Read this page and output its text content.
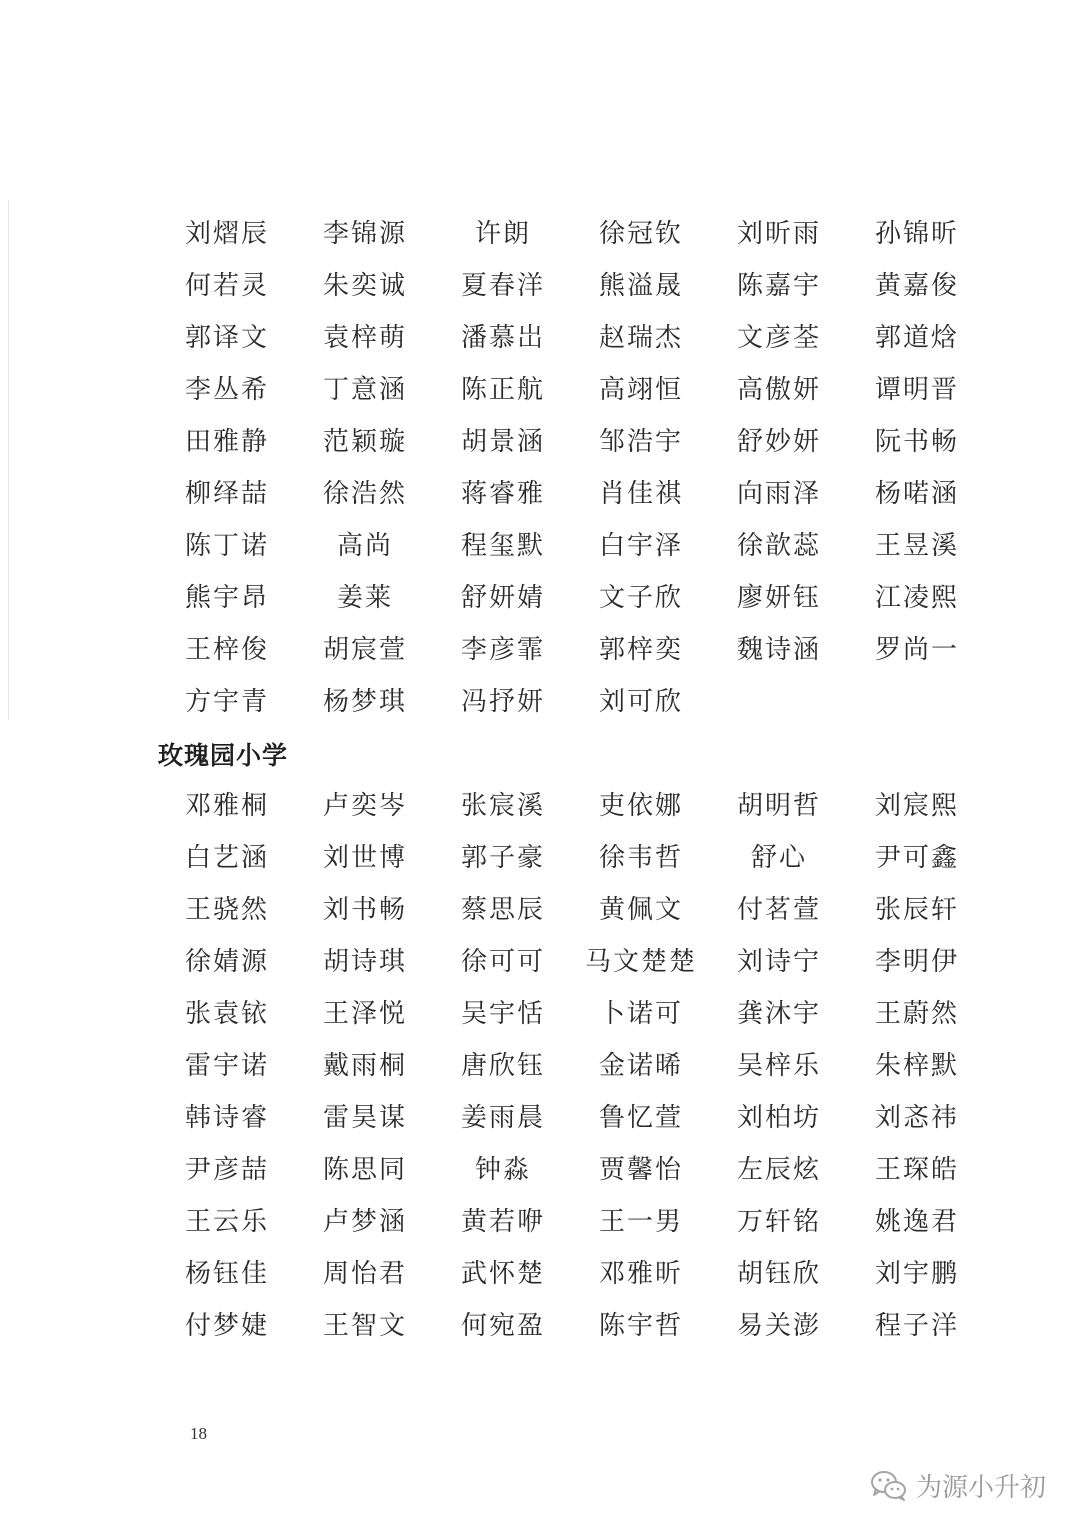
刘熠辰	李锦源	许朗	徐冠钦	刘昕雨	孙锦昕
何若灵	朱奕诚	夏春洋	熊溢晟	陈嘉宇	黄嘉俊
郭译文	袁梓萌	潘慕岀	赵瑞杰	文彦荃	郭道焓
李丛希	丁意涵	陈正航	高翊恒	高傲妍	谭明晋
田雅静	范颖璇	胡景涵	邹浩宇	舒妙妍	阮书畅
柳绎喆	徐浩然	蒋睿雅	肖佳祺	向雨泽	杨喏涵
陈丁诺	高尚	程玺默	白宇泽	徐歆蕊	王昱溪
熊宇昂	姜莱	舒妍婧	文子欣	廖妍钰	江凌熙
王梓俊	胡宸萱	李彦霏	郭梓奕	魏诗涵	罗尚一
方宇青	杨梦琪	冯抒妍	刘可欣
玫瑰园小学
邓雅桐	卢奕岑	张宸溪	吏依娜	胡明哲	刘宸熙
白艺涵	刘世博	郭子豪	徐韦哲	舒心	尹可鑫
王骁然	刘书畅	蔡思辰	黄佩文	付茗萱	张辰轩
徐婧源	胡诗琪	徐可可	马文楚楚	刘诗宁	李明伊
张袁铱	王泽悦	吴宇恬	卜诺可	龚沐宇	王蔚然
雷宇诺	戴雨桐	唐欣钰	金诺晞	吴梓乐	朱梓默
韩诗睿	雷昊谋	姜雨晨	鲁忆萱	刘柏坊	刘忞祎
尹彦喆	陈思同	钟淼	贾馨怡	左辰炫	王琛皓
王云乐	卢梦涵	黄若咿	王一男	万轩铭	姚逸君
杨钰佳	周怡君	武怀楚	邓雅昕	胡钰欣	刘宇鹏
付梦婕	王智文	何宛盈	陈宇哲	易关澎	程子洋
18
为源小升初
